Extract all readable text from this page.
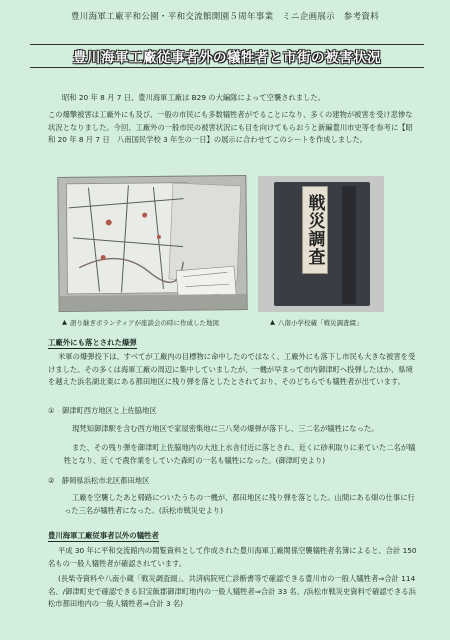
豊川海軍工廠平和公園・平和交流館開園５周年事業　ミニ企画展示　参考資料
豊川海軍工廠従事者外の犠牲者と市街の被害状況

昭和 20 年 8 月 7 日、豊川海軍工廠は B29 の大編隊によって空襲されました。

この爆撃被害は工廠外にも及び、一般の市民にも多数犠牲者がでることになり、多くの建物が被害を受け悲惨な状況となりました。今回、工廠外の一般市民の被害状況にも目を向けてもらおうと新編豊川市史等を参考に【昭和 20 年 8 月 7 日　八南国民学校 3 年生の一日】の展示に合わせてこのシートを作成しました。

戦災調査
▲ 語り継ぎボランティアが座談会の時に作成した地図	▲ 八南小学校蔵「戦災調査綴」
工廠外にも落とされた爆弾

米軍の爆弾投下は、すべてが工廠内の目標物に命中したのではなく、工廠外にも落下し市民も大きな被害を受けました。その多くは海軍工廠の周辺に集中していましたが、一機が早まって市内御津町へ投弾したほか、県境を越えた浜名湖北東にある都田地区に残り弾を落としたとされており、そのどちらでも犠牲者が出ています。

①　御津町西方地区と上佐脇地区

現梵知御津駅を含む西方地区で家屋密集地に三八発の爆弾が落下し、三二名が犠牲になった。

また、その残り弾を御津町上佐脇地内の大池上水舎付近に落とされ、近くに砂利取りに来ていた二名が犠牲となり、近くで農作業をしていた森町の一名も犠牲になった。(御津町史より)

②　静岡県浜松市北区都田地区

工廠を空襲したあと帰路についたうちの一機が、都田地区に残り弾を落とした。山間にある畑の仕事に行った三名が犠牲者になった。(浜松市戦災史より)

豊川海軍工廠従事者以外の犠牲者

平成 30 年に平和交流館内の閲覧資料として作成された豊川海軍工廠関係空襲犠牲者名簿によると、合計 150 名もの一般人犠牲者が確認されています。

(長柴寺資料や八南小蔵「戦災調査綴」、共済病院死亡診断書等で確認できる豊川市の一般人犠牲者⇒合計 114 名、/御津町史で確認できる旧宝飯郡御津町地内の一般人犠牲者⇒合計 33 名、/浜松市戦災史資料で確認できる浜松市都田地内の一般人犠牲者⇒合計 3 名)
